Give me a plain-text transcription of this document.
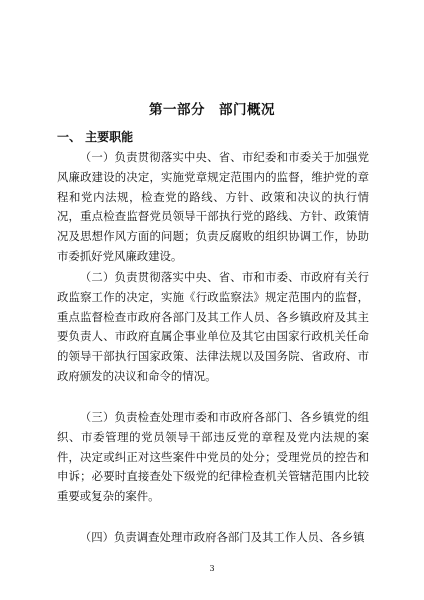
第一部分　部门概况
一、 主要职能

（一）负责贯彻落实中央、省、市纪委和市委关于加强党风廉政建设的决定，实施党章规定范围内的监督，维护党的章程和党内法规，检查党的路线、方针、政策和决议的执行情况，重点检查监督党员领导干部执行党的路线、方针、政策情况及思想作风方面的问题；负责反腐败的组织协调工作，协助市委抓好党风廉政建设。

（二）负责贯彻落实中央、省、市和市委、市政府有关行政监察工作的决定，实施《行政监察法》规定范围内的监督，重点监督检查市政府各部门及其工作人员、各乡镇政府及其主要负责人、市政府直属企事业单位及其它由国家行政机关任命的领导干部执行国家政策、法律法规以及国务院、省政府、市政府颁发的决议和命令的情况。

（三）负责检查处理市委和市政府各部门、各乡镇党的组织、市委管理的党员领导干部违反党的章程及党内法规的案件，决定或纠正对这些案件中党员的处分；受理党员的控告和申诉；必要时直接查处下级党的纪律检查机关管辖范围内比较重要或复杂的案件。

（四）负责调查处理市政府各部门及其工作人员、各乡镇

3
